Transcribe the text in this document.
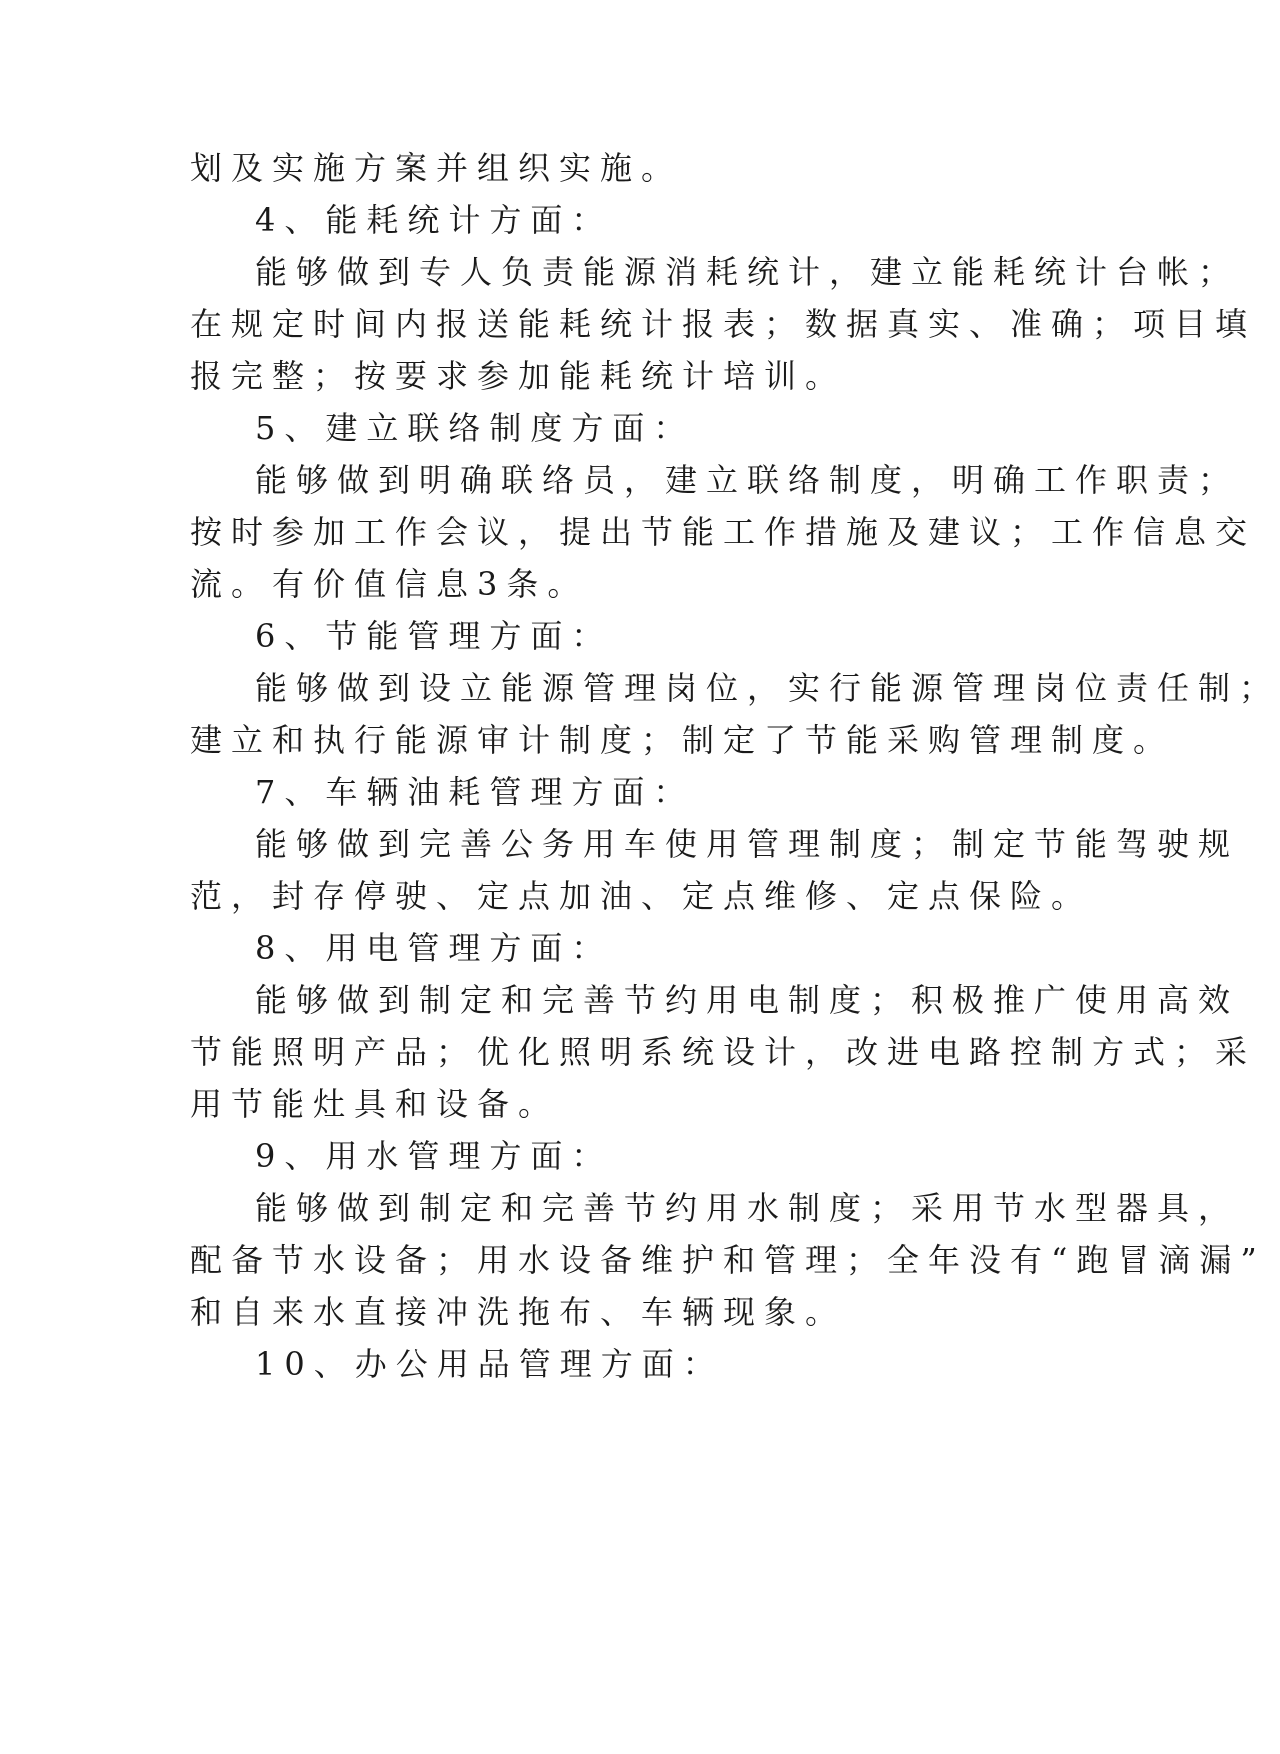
划及实施方案并组织实施。
4、能耗统计方面：
能够做到专人负责能源消耗统计，建立能耗统计台帐；
在规定时间内报送能耗统计报表；数据真实、准确；项目填
报完整；按要求参加能耗统计培训。
5、建立联络制度方面：
能够做到明确联络员，建立联络制度，明确工作职责；
按时参加工作会议，提出节能工作措施及建议；工作信息交
流。有价值信息3条。
6、节能管理方面：
能够做到设立能源管理岗位，实行能源管理岗位责任制；
建立和执行能源审计制度；制定了节能采购管理制度。
7、车辆油耗管理方面：
能够做到完善公务用车使用管理制度；制定节能驾驶规
范，封存停驶、定点加油、定点维修、定点保险。
8、用电管理方面：
能够做到制定和完善节约用电制度；积极推广使用高效
节能照明产品；优化照明系统设计，改进电路控制方式；采
用节能灶具和设备。
9、用水管理方面：
能够做到制定和完善节约用水制度；采用节水型器具，
配备节水设备；用水设备维护和管理；全年没有“跑冒滴漏”
和自来水直接冲洗拖布、车辆现象。
10、办公用品管理方面：
